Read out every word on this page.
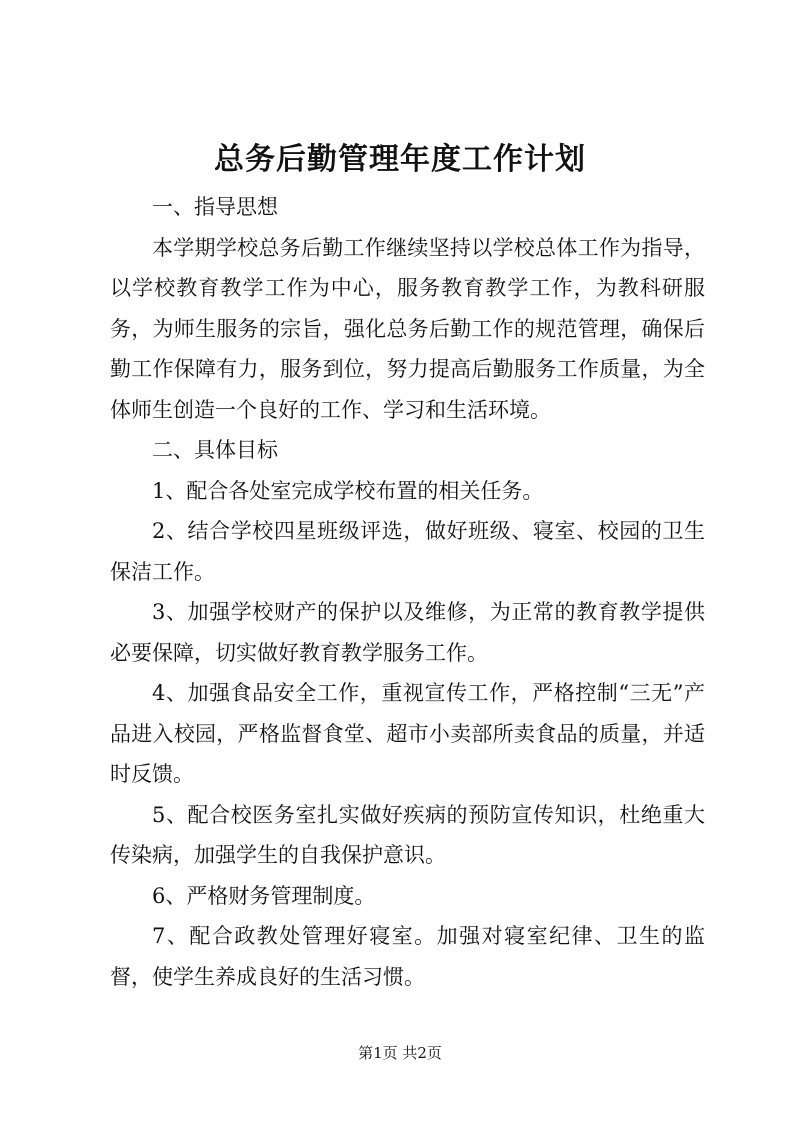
总务后勤管理年度工作计划

一、指导思想

本学期学校总务后勤工作继续坚持以学校总体工作为指导，以学校教育教学工作为中心，服务教育教学工作，为教科研服务，为师生服务的宗旨，强化总务后勤工作的规范管理，确保后勤工作保障有力，服务到位，努力提高后勤服务工作质量，为全体师生创造一个良好的工作、学习和生活环境。

二、具体目标

1、配合各处室完成学校布置的相关任务。

2、结合学校四星班级评选，做好班级、寝室、校园的卫生保洁工作。

3、加强学校财产的保护以及维修，为正常的教育教学提供必要保障，切实做好教育教学服务工作。

4、加强食品安全工作，重视宣传工作，严格控制“三无”产品进入校园，严格监督食堂、超市小卖部所卖食品的质量，并适时反馈。

5、配合校医务室扎实做好疾病的预防宣传知识，杜绝重大传染病，加强学生的自我保护意识。

6、严格财务管理制度。

7、配合政教处管理好寝室。加强对寝室纪律、卫生的监督，使学生养成良好的生活习惯。

第1页 共2页
